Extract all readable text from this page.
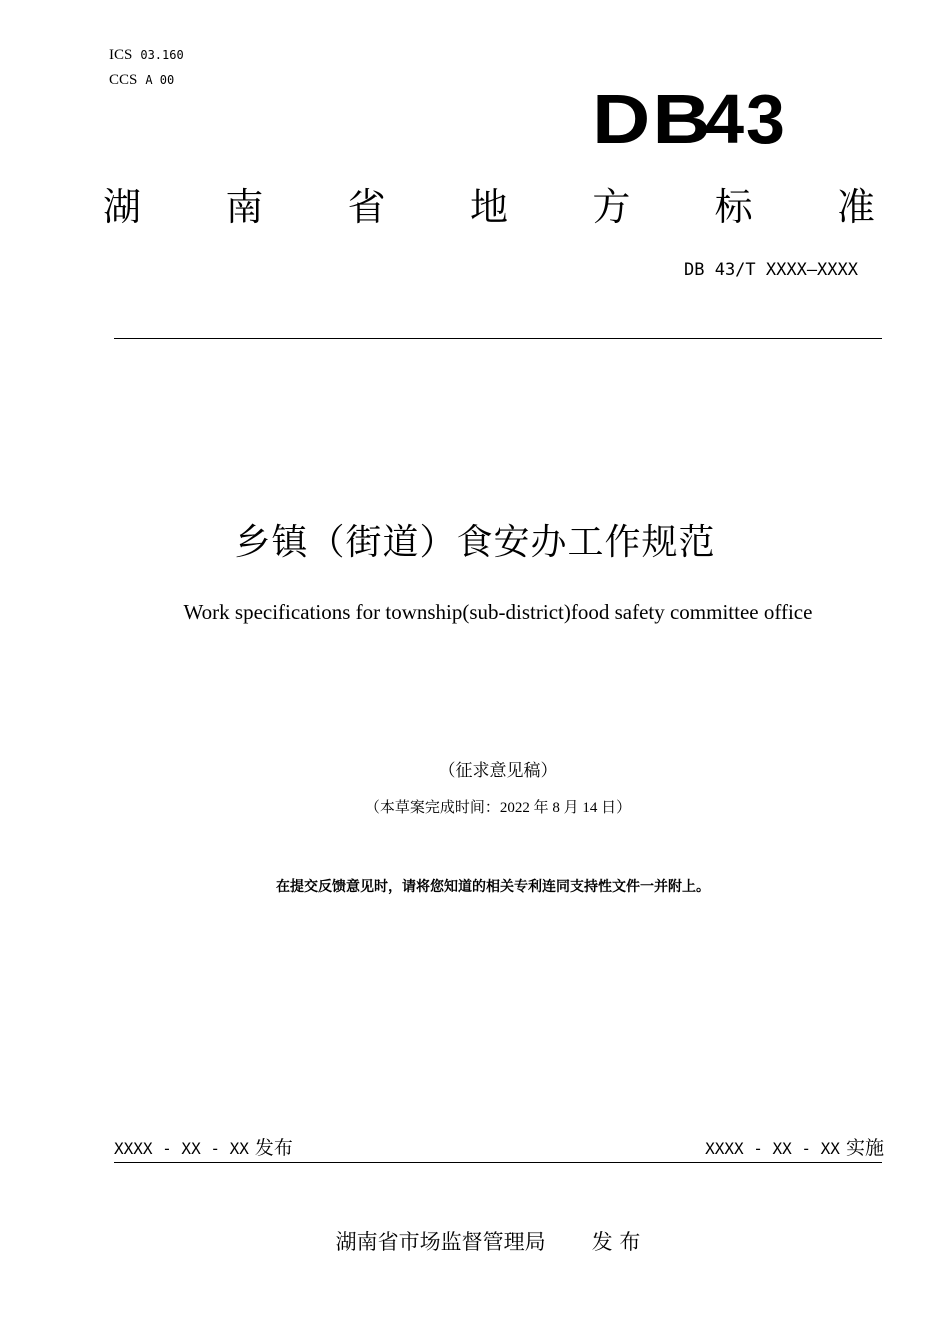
ICS 03.160
CCS A 00	DB43
湖 南 省 地 方 标 准
DB 43/T XXXX—XXXX
乡镇（街道）食安办工作规范
Work specifications for township(sub-district)food safety committee office
（征求意见稿）
（本草案完成时间：2022 年 8 月 14 日）
在提交反馈意见时，请将您知道的相关专利连同支持性文件一并附上。
XXXX - XX - XX 发布	XXXX - XX - XX 实施
湖南省市场监督管理局 发 布
